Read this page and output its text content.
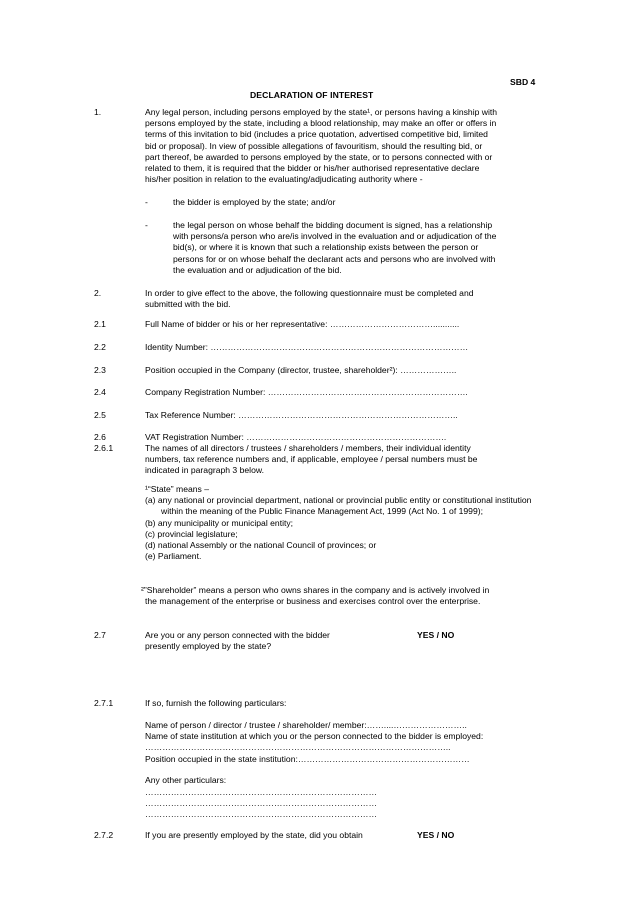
SBD 4
DECLARATION OF INTEREST
1.	Any legal person, including persons employed by the state¹, or persons having a kinship with

persons employed by the state, including a blood relationship, may make an offer or offers in

terms of this invitation to bid (includes a price quotation, advertised competitive bid, limited

bid or proposal). In view of possible allegations of favouritism, should the resulting bid, or

part thereof, be awarded to persons employed by the state, or to persons connected with or

related to them, it is required that the bidder or his/her authorised representative declare

his/her position in relation to the evaluating/adjudicating authority where -

-	the bidder is employed by the state; and/or
-	the legal person on whose behalf the bidding document is signed, has a relationship

with persons/a person who are/is involved in the evaluation and or adjudication of the

bid(s), or where it is known that such a relationship exists between the person or

persons for or on whose behalf the declarant acts and persons who are involved with

the evaluation and or adjudication of the bid.

2.	In order to give effect to the above, the following questionnaire must be completed and

submitted with the bid.

2.1	Full Name of bidder or his or her representative: ………………………………...........
2.2	Identity Number: ………………………………………………………………………………
2.3	Position occupied in the Company (director, trustee, shareholder²): ………………..
2.4	Company Registration Number: …………………………………………………………….
2.5	Tax Reference Number: …………………………………………………………………..
2.6	VAT Registration Number: …………………………………………………………….
2.6.1	The names of all directors / trustees / shareholders / members, their individual identity

numbers, tax reference numbers and, if applicable, employee / persal numbers must be

indicated in paragraph 3 below.

¹“State” means –

(a) any national or provincial department, national or provincial public entity or constitutional institution within the meaning of the Public Finance Management Act, 1999 (Act No. 1 of 1999);

(b) any municipality or municipal entity;

(c) provincial legislature;

(d) national Assembly or the national Council of provinces; or

(e) Parliament.

²”Shareholder” means a person who owns shares in the company and is actively involved in

the management of the enterprise or business and exercises control over the enterprise.

2.7	Are you or any person connected with the bidder

presently employed by the state?

YES / NO
2.7.1	If so, furnish the following particulars:

Name of person / director / trustee / shareholder/ member:……....……………………..

Name of state institution at which you or the person connected to the bidder is employed:

……………………………………………………………………………………………..

Position occupied in the state institution:……………………………………………………

Any other particulars:

………………………………………………………………………

………………………………………………………………………

………………………………………………………………………

2.7.2	If you are presently employed by the state, did you obtain	YES / NO
